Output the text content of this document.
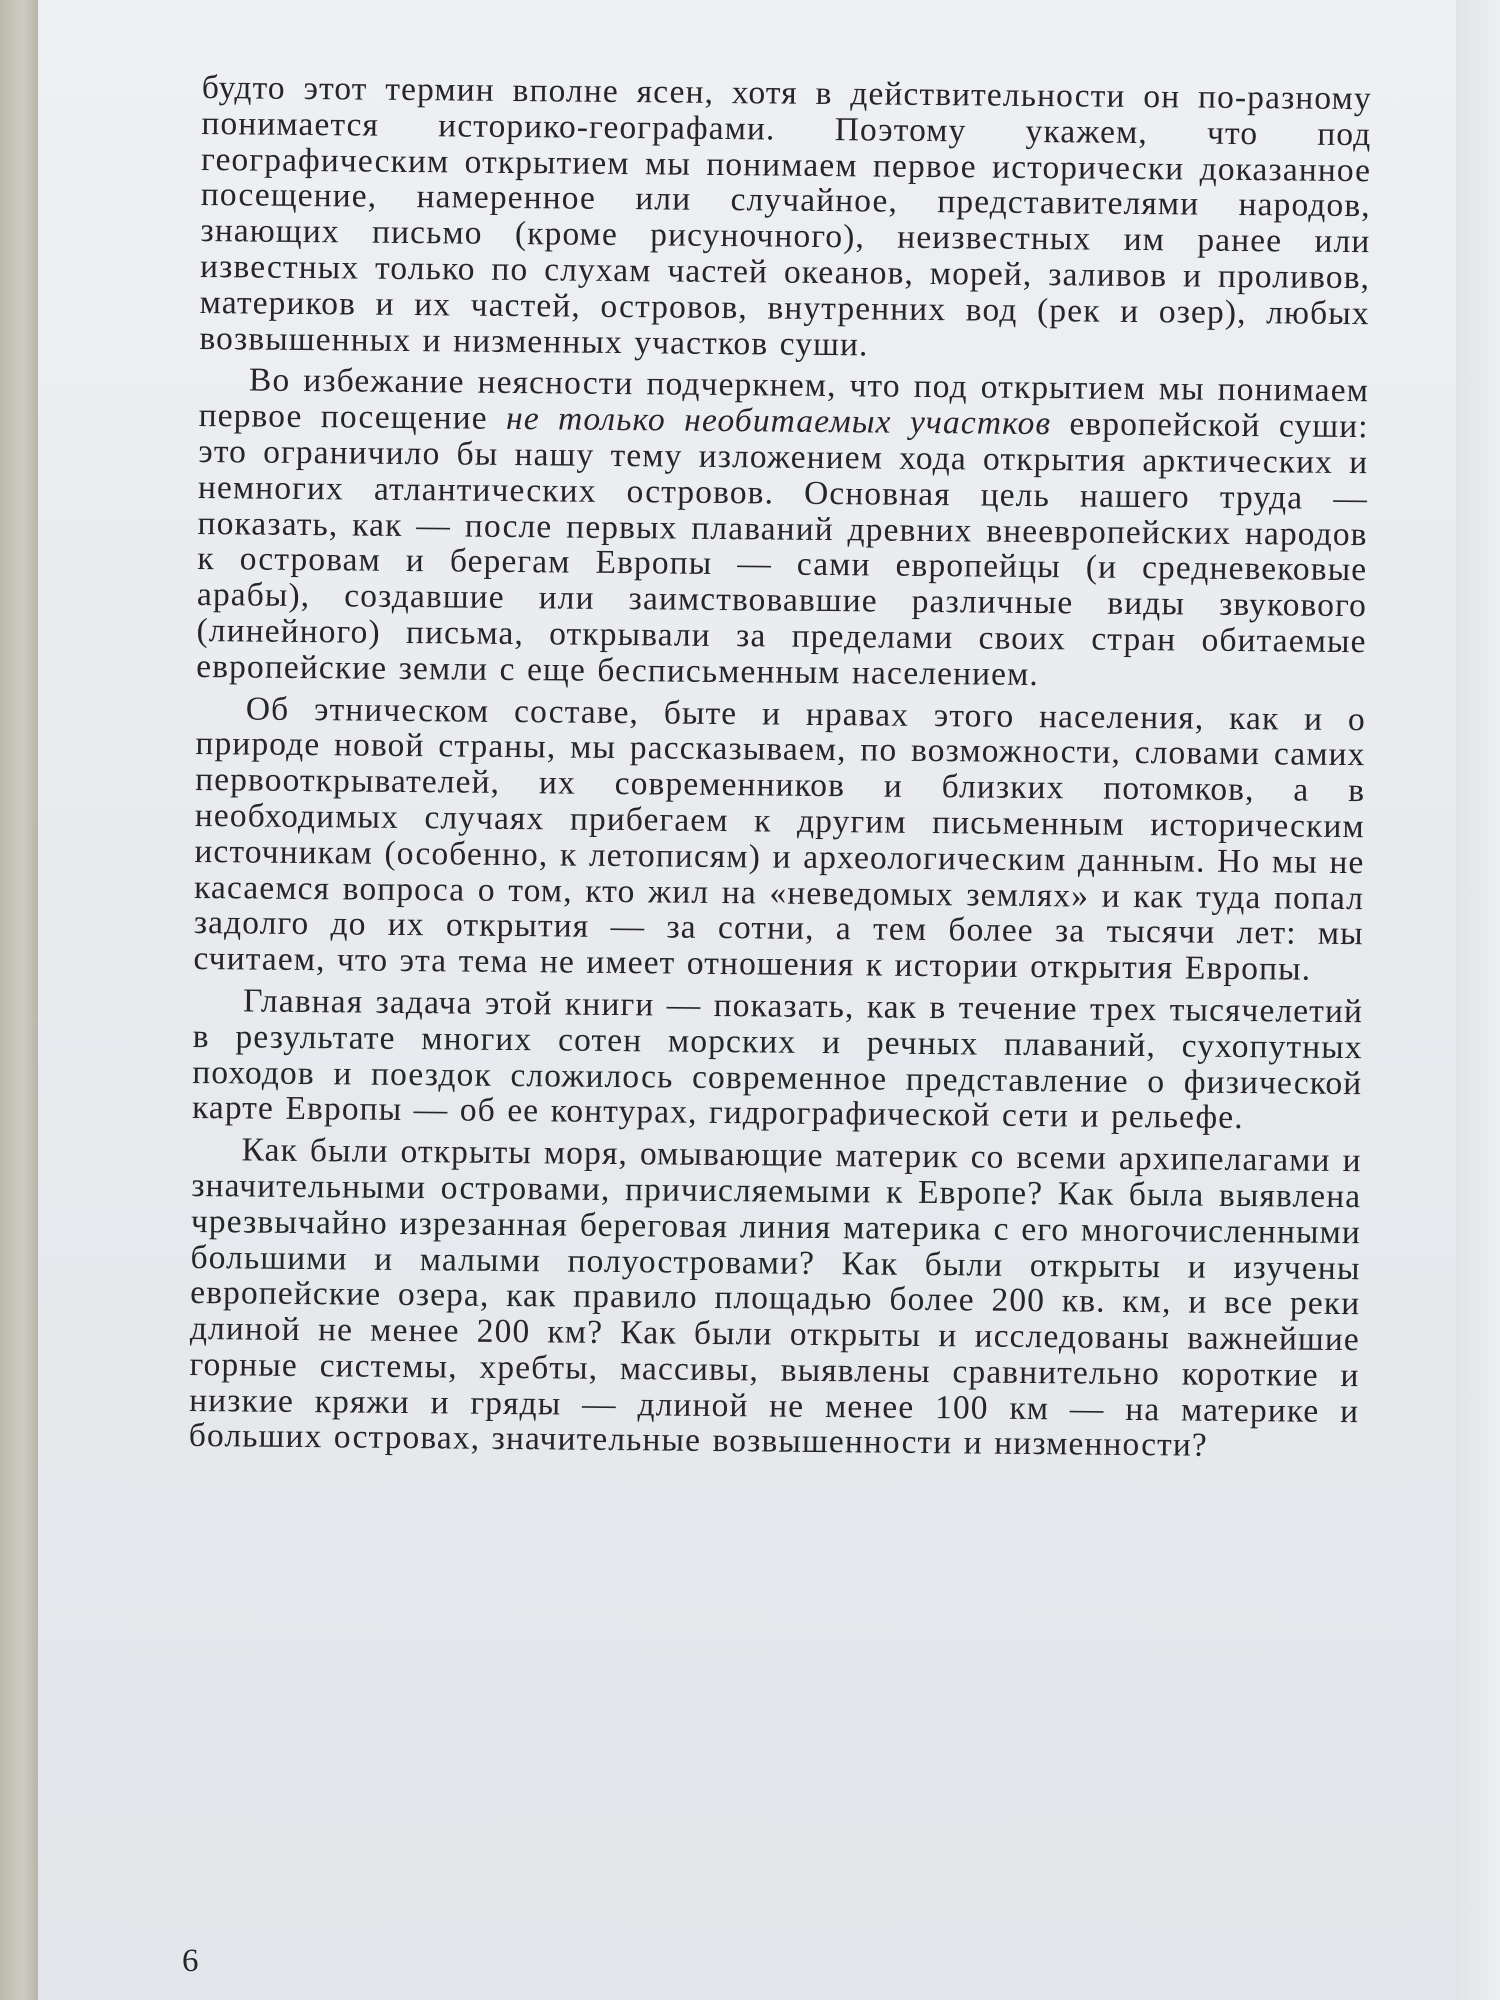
будто этот термин вполне ясен, хотя в действительности он по-разному понимается историко-географами. Поэтому укажем, что под географическим открытием мы понимаем первое исторически доказанное посещение, намеренное или случайное, представителями народов, знающих письмо (кроме рисуночного), неизвестных им ранее или известных только по слухам частей океанов, морей, заливов и проливов, материков и их частей, островов, внутренних вод (рек и озер), любых возвышенных и низменных участков суши.

Во избежание неясности подчеркнем, что под открытием мы понимаем первое посещение не только необитаемых участков европейской суши: это ограничило бы нашу тему изложением хода открытия арктических и немногих атлантических островов. Основная цель нашего труда — показать, как — после первых плаваний древних внеевропейских народов к островам и берегам Европы — сами европейцы (и средневековые арабы), создавшие или заимствовавшие различные виды звукового (линейного) письма, открывали за пределами своих стран обитаемые европейские земли с еще бесписьменным населением.

Об этническом составе, быте и нравах этого населения, как и о природе новой страны, мы рассказываем, по возможности, словами самих первооткрывателей, их современников и близких потомков, а в необходимых случаях прибегаем к другим письменным историческим источникам (особенно, к летописям) и археологическим данным. Но мы не касаемся вопроса о том, кто жил на «неведомых землях» и как туда попал задолго до их открытия — за сотни, а тем более за тысячи лет: мы считаем, что эта тема не имеет отношения к истории открытия Европы.

Главная задача этой книги — показать, как в течение трех тысячелетий в результате многих сотен морских и речных плаваний, сухопутных походов и поездок сложилось современное представление о физической карте Европы — об ее контурах, гидрографической сети и рельефе.

Как были открыты моря, омывающие материк со всеми архипелагами и значительными островами, причисляемыми к Европе? Как была выявлена чрезвычайно изрезанная береговая линия материка с его многочисленными большими и малыми полуостровами? Как были открыты и изучены европейские озера, как правило площадью более 200 кв. км, и все реки длиной не менее 200 км? Как были открыты и исследованы важнейшие горные системы, хребты, массивы, выявлены сравнительно короткие и низкие кряжи и гряды — длиной не менее 100 км — на материке и больших островах, значительные возвышенности и низменности?

6
